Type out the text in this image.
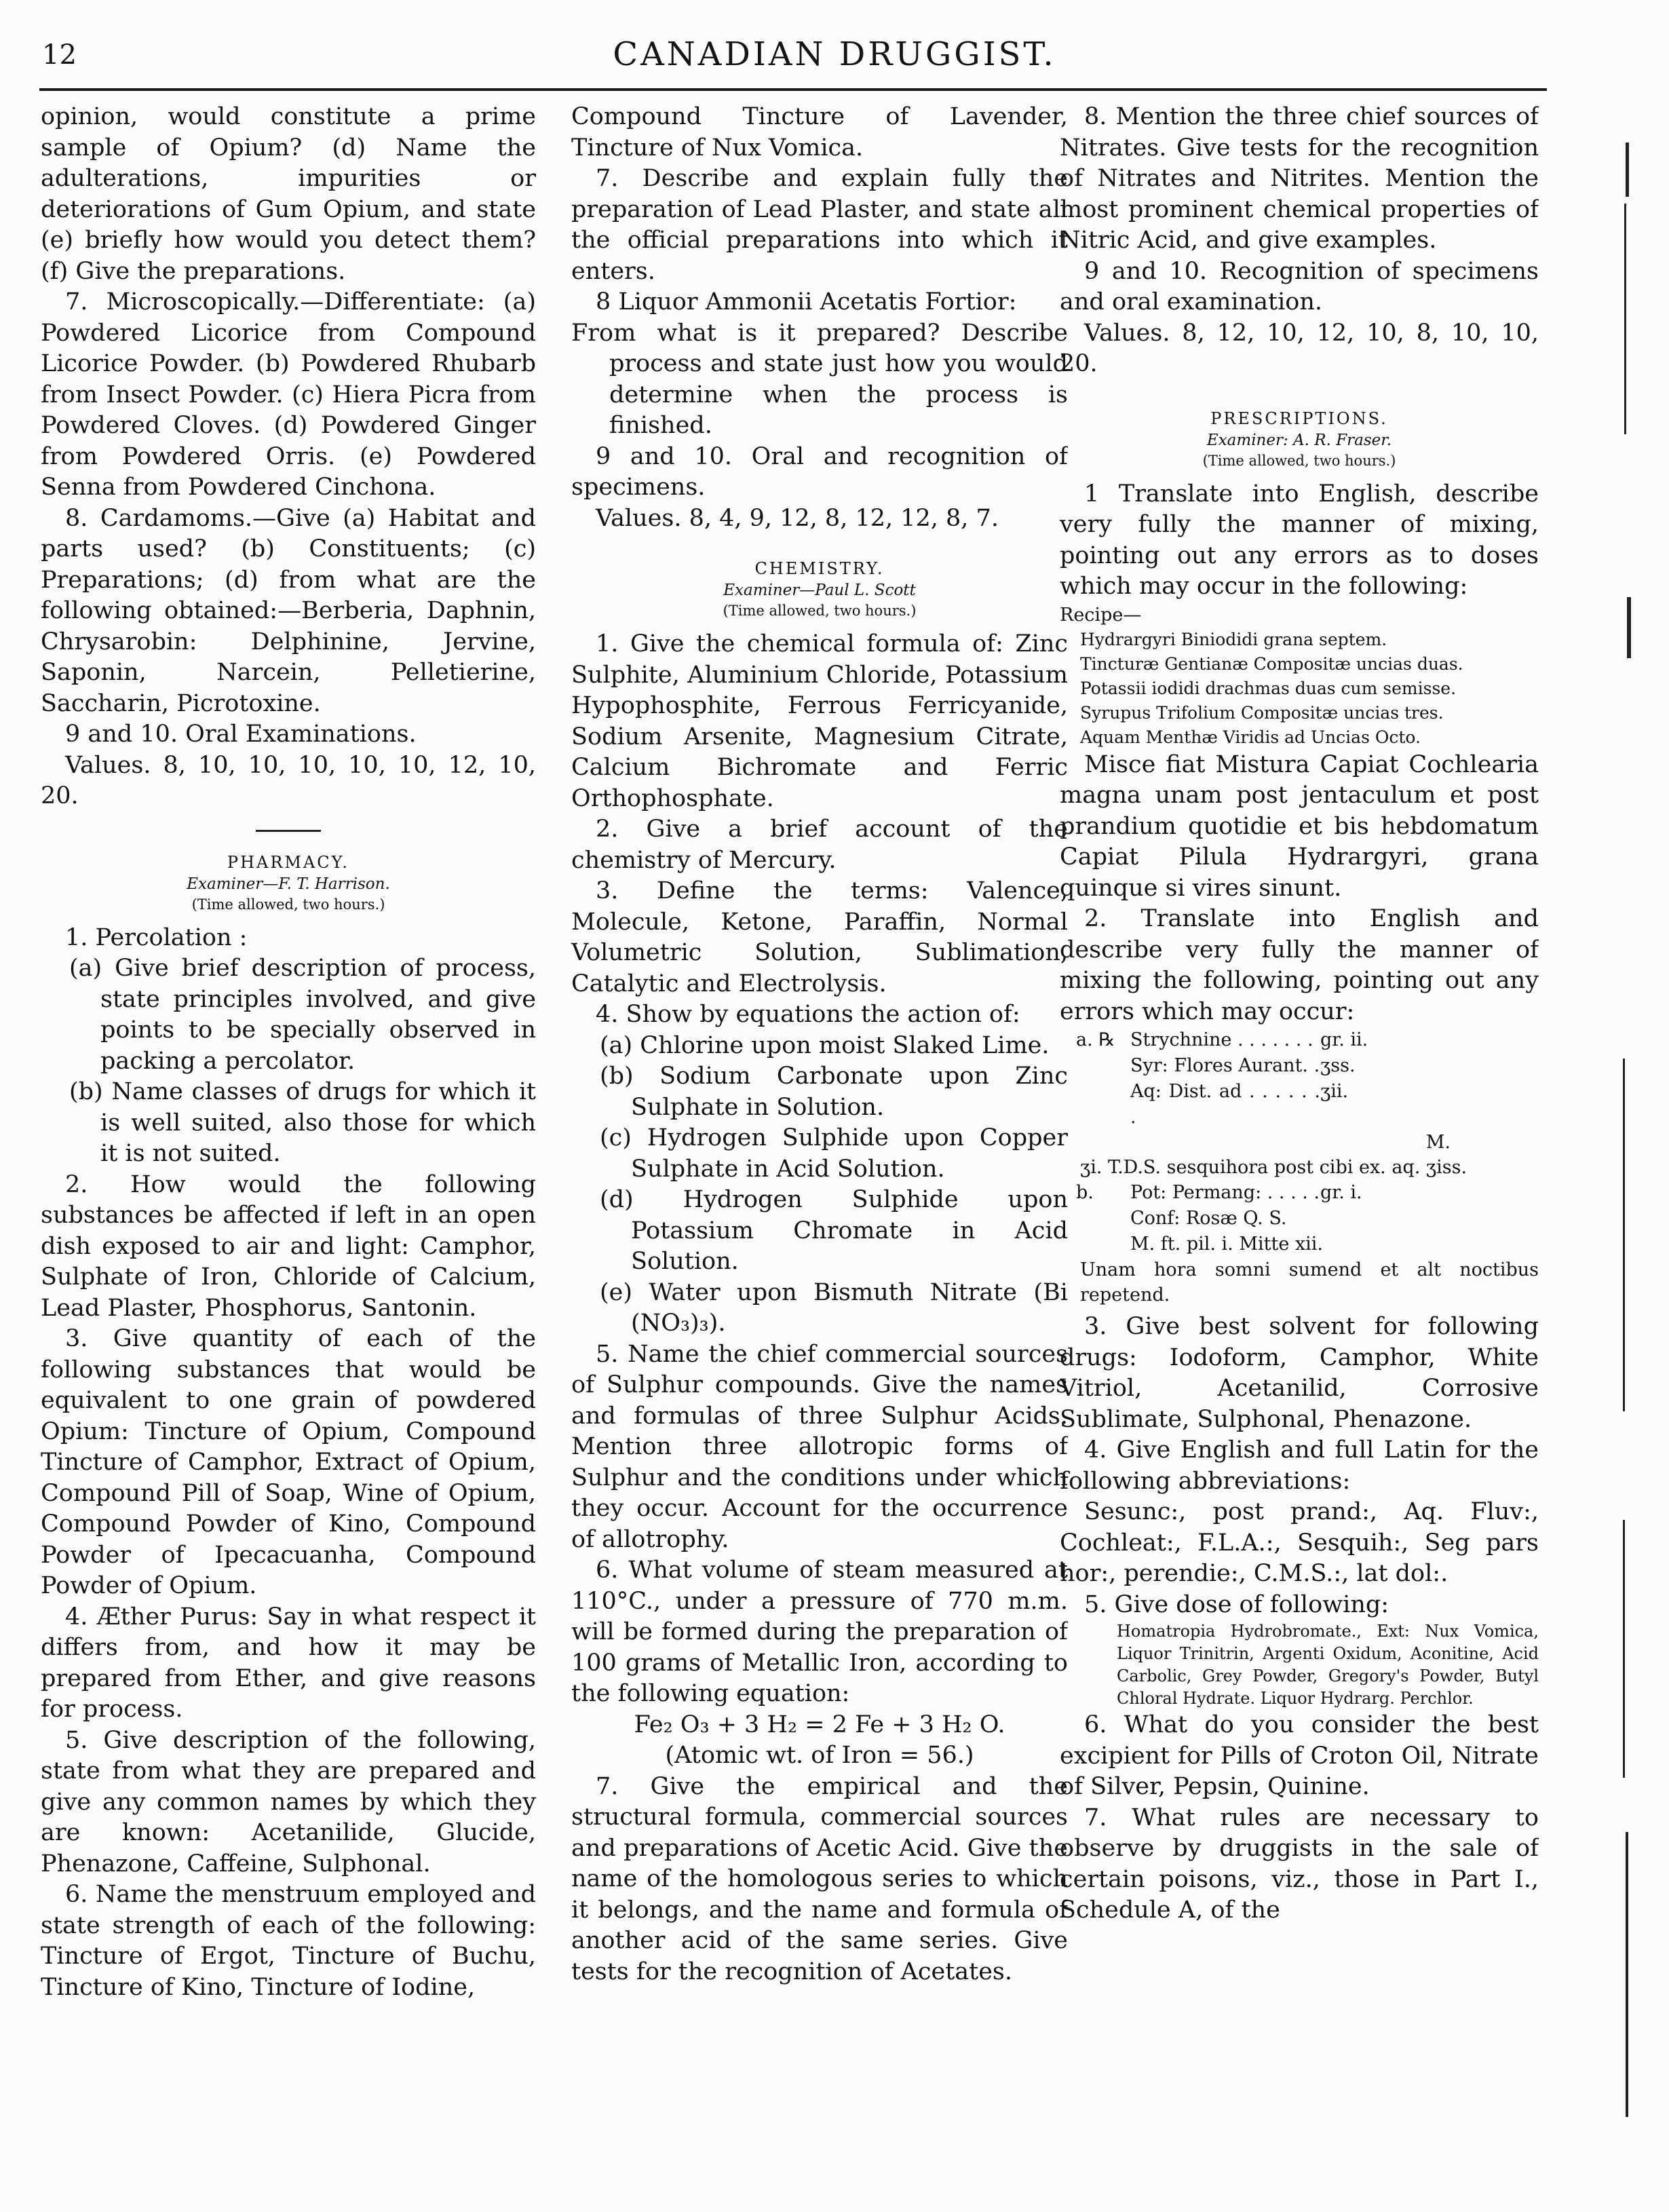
12	CANADIAN DRUGGIST.

opinion, would constitute a prime sample of Opium? (d) Name the adulterations, impurities or deteriorations of Gum Opium, and state (e) briefly how would you detect them? (f) Give the preparations.

7. Microscopically.—Differentiate: (a) Powdered Licorice from Compound Licorice Powder. (b) Powdered Rhubarb from Insect Powder. (c) Hiera Picra from Powdered Cloves. (d) Powdered Ginger from Powdered Orris. (e) Powdered Senna from Powdered Cinchona.

8. Cardamoms.—Give (a) Habitat and parts used? (b) Constituents; (c) Preparations; (d) from what are the following obtained:—Berberia, Daphnin, Chrysarobin: Delphinine, Jervine, Saponin, Narcein, Pelletierine, Saccharin, Picrotoxine.

9 and 10. Oral Examinations.

Values. 8, 10, 10, 10, 10, 10, 12, 10, 20.

PHARMACY.
Examiner—F. T. Harrison.
(Time allowed, two hours.)

1. Percolation :

(a) Give brief description of process, state principles involved, and give points to be specially observed in packing a percolator.

(b) Name classes of drugs for which it is well suited, also those for which it is not suited.

2. How would the following substances be affected if left in an open dish exposed to air and light: Camphor, Sulphate of Iron, Chloride of Calcium, Lead Plaster, Phosphorus, Santonin.

3. Give quantity of each of the following substances that would be equivalent to one grain of powdered Opium: Tincture of Opium, Compound Tincture of Camphor, Extract of Opium, Compound Pill of Soap, Wine of Opium, Compound Powder of Kino, Compound Powder of Ipecacuanha, Compound Powder of Opium.

4. Æther Purus: Say in what respect it differs from, and how it may be prepared from Ether, and give reasons for process.

5. Give description of the following, state from what they are prepared and give any common names by which they are known: Acetanilide, Glucide, Phenazone, Caffeine, Sulphonal.

6. Name the menstruum employed and state strength of each of the following: Tincture of Ergot, Tincture of Buchu, Tincture of Kino, Tincture of Iodine,

Compound Tincture of Lavender, Tincture of Nux Vomica.

7. Describe and explain fully the preparation of Lead Plaster, and state all the official preparations into which it enters.

8 Liquor Ammonii Acetatis Fortior:

From what is it prepared? Describe process and state just how you would determine when the process is finished.

9 and 10. Oral and recognition of specimens.

Values. 8, 4, 9, 12, 8, 12, 12, 8, 7.

CHEMISTRY.
Examiner—Paul L. Scott
(Time allowed, two hours.)

1. Give the chemical formula of: Zinc Sulphite, Aluminium Chloride, Potassium Hypophosphite, Ferrous Ferricyanide, Sodium Arsenite, Magnesium Citrate, Calcium Bichromate and Ferric Orthophosphate.

2. Give a brief account of the chemistry of Mercury.

3. Define the terms: Valence, Molecule, Ketone, Paraffin, Normal Volumetric Solution, Sublimation, Catalytic and Electrolysis.

4. Show by equations the action of:

(a) Chlorine upon moist Slaked Lime.

(b) Sodium Carbonate upon Zinc Sulphate in Solution.

(c) Hydrogen Sulphide upon Copper Sulphate in Acid Solution.

(d) Hydrogen Sulphide upon Potassium Chromate in Acid Solution.

(e) Water upon Bismuth Nitrate (Bi (NO₃)₃).

5. Name the chief commercial sources of Sulphur compounds. Give the names and formulas of three Sulphur Acids. Mention three allotropic forms of Sulphur and the conditions under which they occur. Account for the occurrence of allotrophy.

6. What volume of steam measured at 110°C., under a pressure of 770 m.m. will be formed during the preparation of 100 grams of Metallic Iron, according to the following equation:

Fe₂ O₃ + 3 H₂ = 2 Fe + 3 H₂ O.

(Atomic wt. of Iron = 56.)

7. Give the empirical and the structural formula, commercial sources and preparations of Acetic Acid. Give the name of the homologous series to which it belongs, and the name and formula of another acid of the same series. Give tests for the recognition of Acetates.

8. Mention the three chief sources of Nitrates. Give tests for the recognition of Nitrates and Nitrites. Mention the most prominent chemical properties of Nitric Acid, and give examples.

9 and 10. Recognition of specimens and oral examination.

Values. 8, 12, 10, 12, 10, 8, 10, 10, 20.

PRESCRIPTIONS.
Examiner: A. R. Fraser.
(Time allowed, two hours.)

1 Translate into English, describe very fully the manner of mixing, pointing out any errors as to doses which may occur in the following:

Recipe—

Hydrargyri Biniodidi grana septem.

Tincturæ Gentianæ Compositæ uncias duas.

Potassii iodidi drachmas duas cum semisse.

Syrupus Trifolium Compositæ uncias tres.

Aquam Menthæ Viridis ad Uncias Octo.

Misce fiat Mistura Capiat Cochlearia magna unam post jentaculum et post prandium quotidie et bis hebdomatum Capiat Pilula Hydrargyri, grana quinque si vires sinunt.

2. Translate into English and describe very fully the manner of mixing the following, pointing out any errors which may occur:

a. ℞ Strychnine . . . . . . . gr. ii.
Syr: Flores Aurant. . ʒss.
Aq: Dist. ad . . . . . . .
ʒii.

M.

ʒi. T.D.S. sesquihora post cibi ex. aq. ʒiss.

b.	Pot: Permang: . . . . . gr. i.
Conf: Rosæ Q. S.
M. ft. pil. i. Mitte xii.

Unam hora somni sumend et alt noctibus repetend.

3. Give best solvent for following drugs: Iodoform, Camphor, White Vitriol, Acetanilid, Corrosive Sublimate, Sulphonal, Phenazone.

4. Give English and full Latin for the following abbreviations:

Sesunc:, post prand:, Aq. Fluv:, Cochleat:, F.L.A.:, Sesquih:, Seg pars hor:, perendie:, C.M.S.:, lat dol:.

5. Give dose of following:

Homatropia Hydrobromate., Ext: Nux Vomica, Liquor Trinitrin, Argenti Oxidum, Aconitine, Acid Carbolic, Grey Powder, Gregory's Powder, Butyl Chloral Hydrate. Liquor Hydrarg. Perchlor.

6. What do you consider the best excipient for Pills of Croton Oil, Nitrate of Silver, Pepsin, Quinine.

7. What rules are necessary to observe by druggists in the sale of certain poisons, viz., those in Part I., Schedule A, of the
